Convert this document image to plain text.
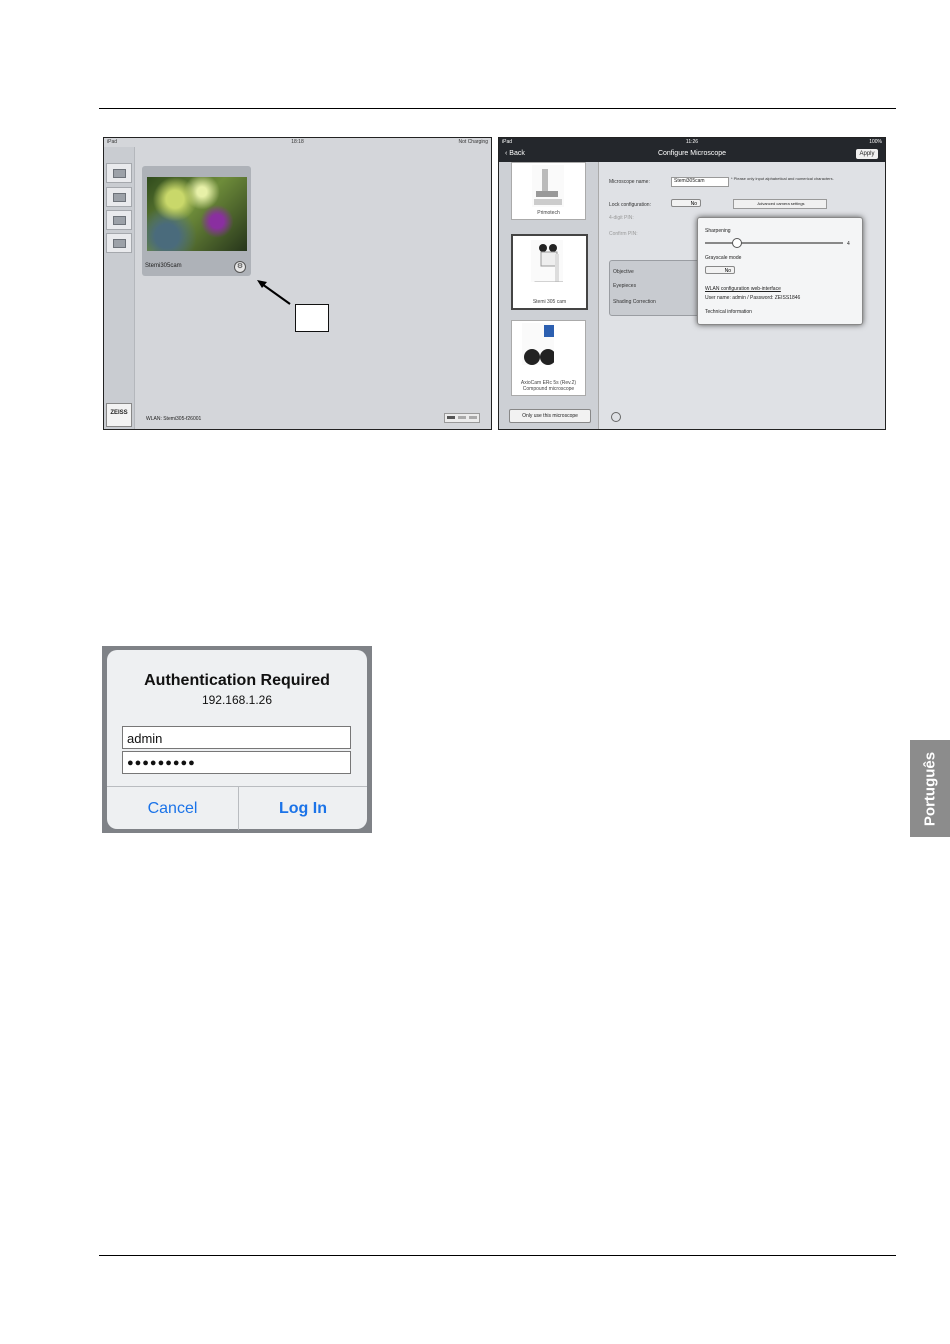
iPad	18:18	Not Charging
ZEISS
Stemi305cam	⚙
WLAN: Stemi305-f26001
iPad	11:26	100%
‹ Back	Configure Microscope	Apply
Primotech
Stemi 305 cam
AxioCam ERc 5s (Rev.2) Compound microscope
Only use this microscope
Microscope name:	Stemi305cam	* Please only input alphabetical and numerical characters.
Lock configuration:	No	Advanced camera settings
4-digit PIN:
Confirm PIN:
Objective
Eyepieces
Shading Correction
Sharpening
4
Grayscale mode
No
WLAN configuration web-interface
User name: admin / Password: ZEISS1846
Technical information
Authentication Required
192.168.1.26
admin
●●●●●●●●●
Cancel	Log In	Português
